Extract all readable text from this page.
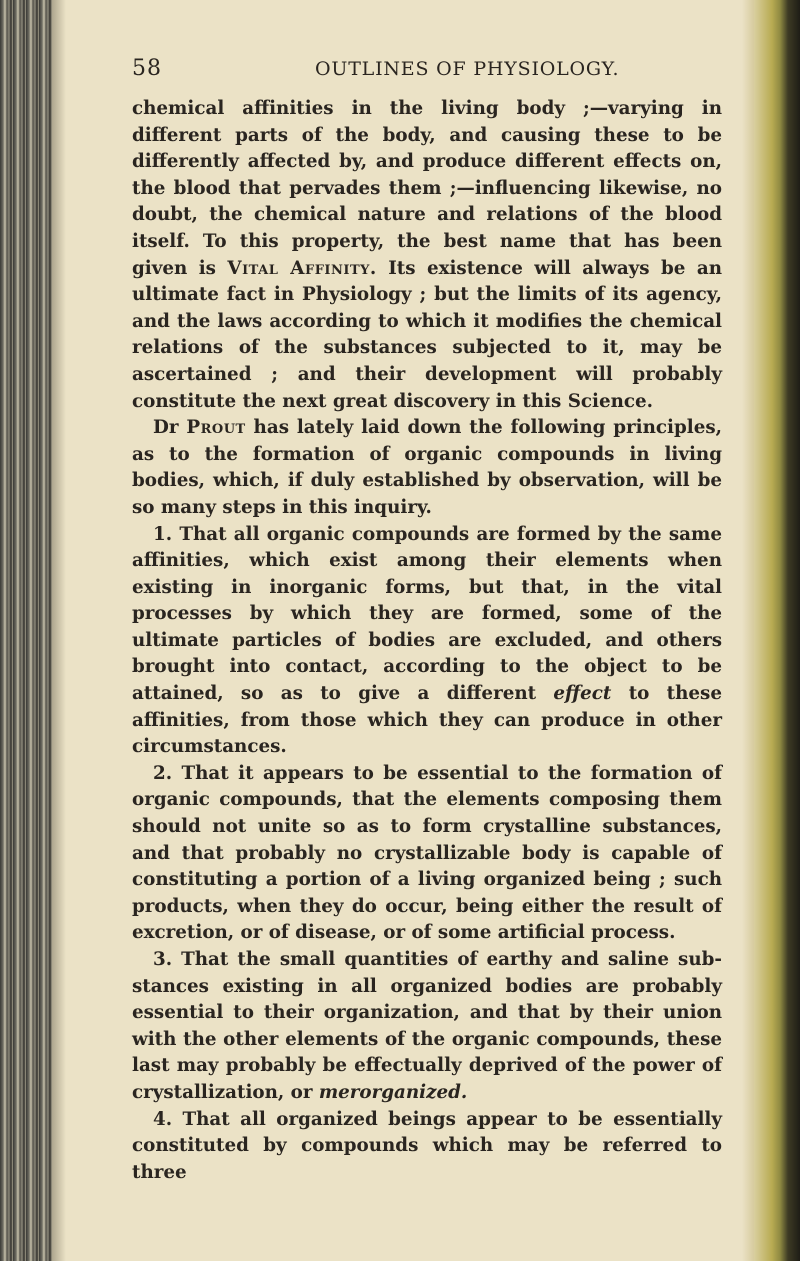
58	OUTLINES OF PHYSIOLOGY.

chemical affinities in the living body ;—varying in different parts of the body, and causing these to be differently affected by, and produce different effects on, the blood that pervades them ;—influencing likewise, no doubt, the chemical nature and relations of the blood itself. To this property, the best name that has been given is Vital Affinity. Its existence will always be an ultimate fact in Physiology ; but the limits of its agency, and the laws according to which it modifies the chemical relations of the substances subjected to it, may be ascertained ; and their development will probably constitute the next great discovery in this Science.

Dr Prout has lately laid down the following principles, as to the formation of organic compounds in living bodies, which, if duly established by observation, will be so many steps in this inquiry.

1. That all organic compounds are formed by the same affinities, which exist among their elements when existing in inorganic forms, but that, in the vital processes by which they are formed, some of the ultimate particles of bodies are excluded, and others brought into contact, according to the object to be attained, so as to give a different effect to these affinities, from those which they can produce in other circumstances.

2. That it appears to be essential to the formation of organic compounds, that the elements composing them should not unite so as to form crystalline substances, and that probably no crystallizable body is capable of constituting a portion of a living organized being ; such products, when they do occur, being either the result of excretion, or of disease, or of some artificial process.

3. That the small quantities of earthy and saline substances existing in all organized bodies are probably essential to their organization, and that by their union with the other elements of the organic compounds, these last may probably be effectually deprived of the power of crystallization, or merorganized.

4. That all organized beings appear to be essentially constituted by compounds which may be referred to three
